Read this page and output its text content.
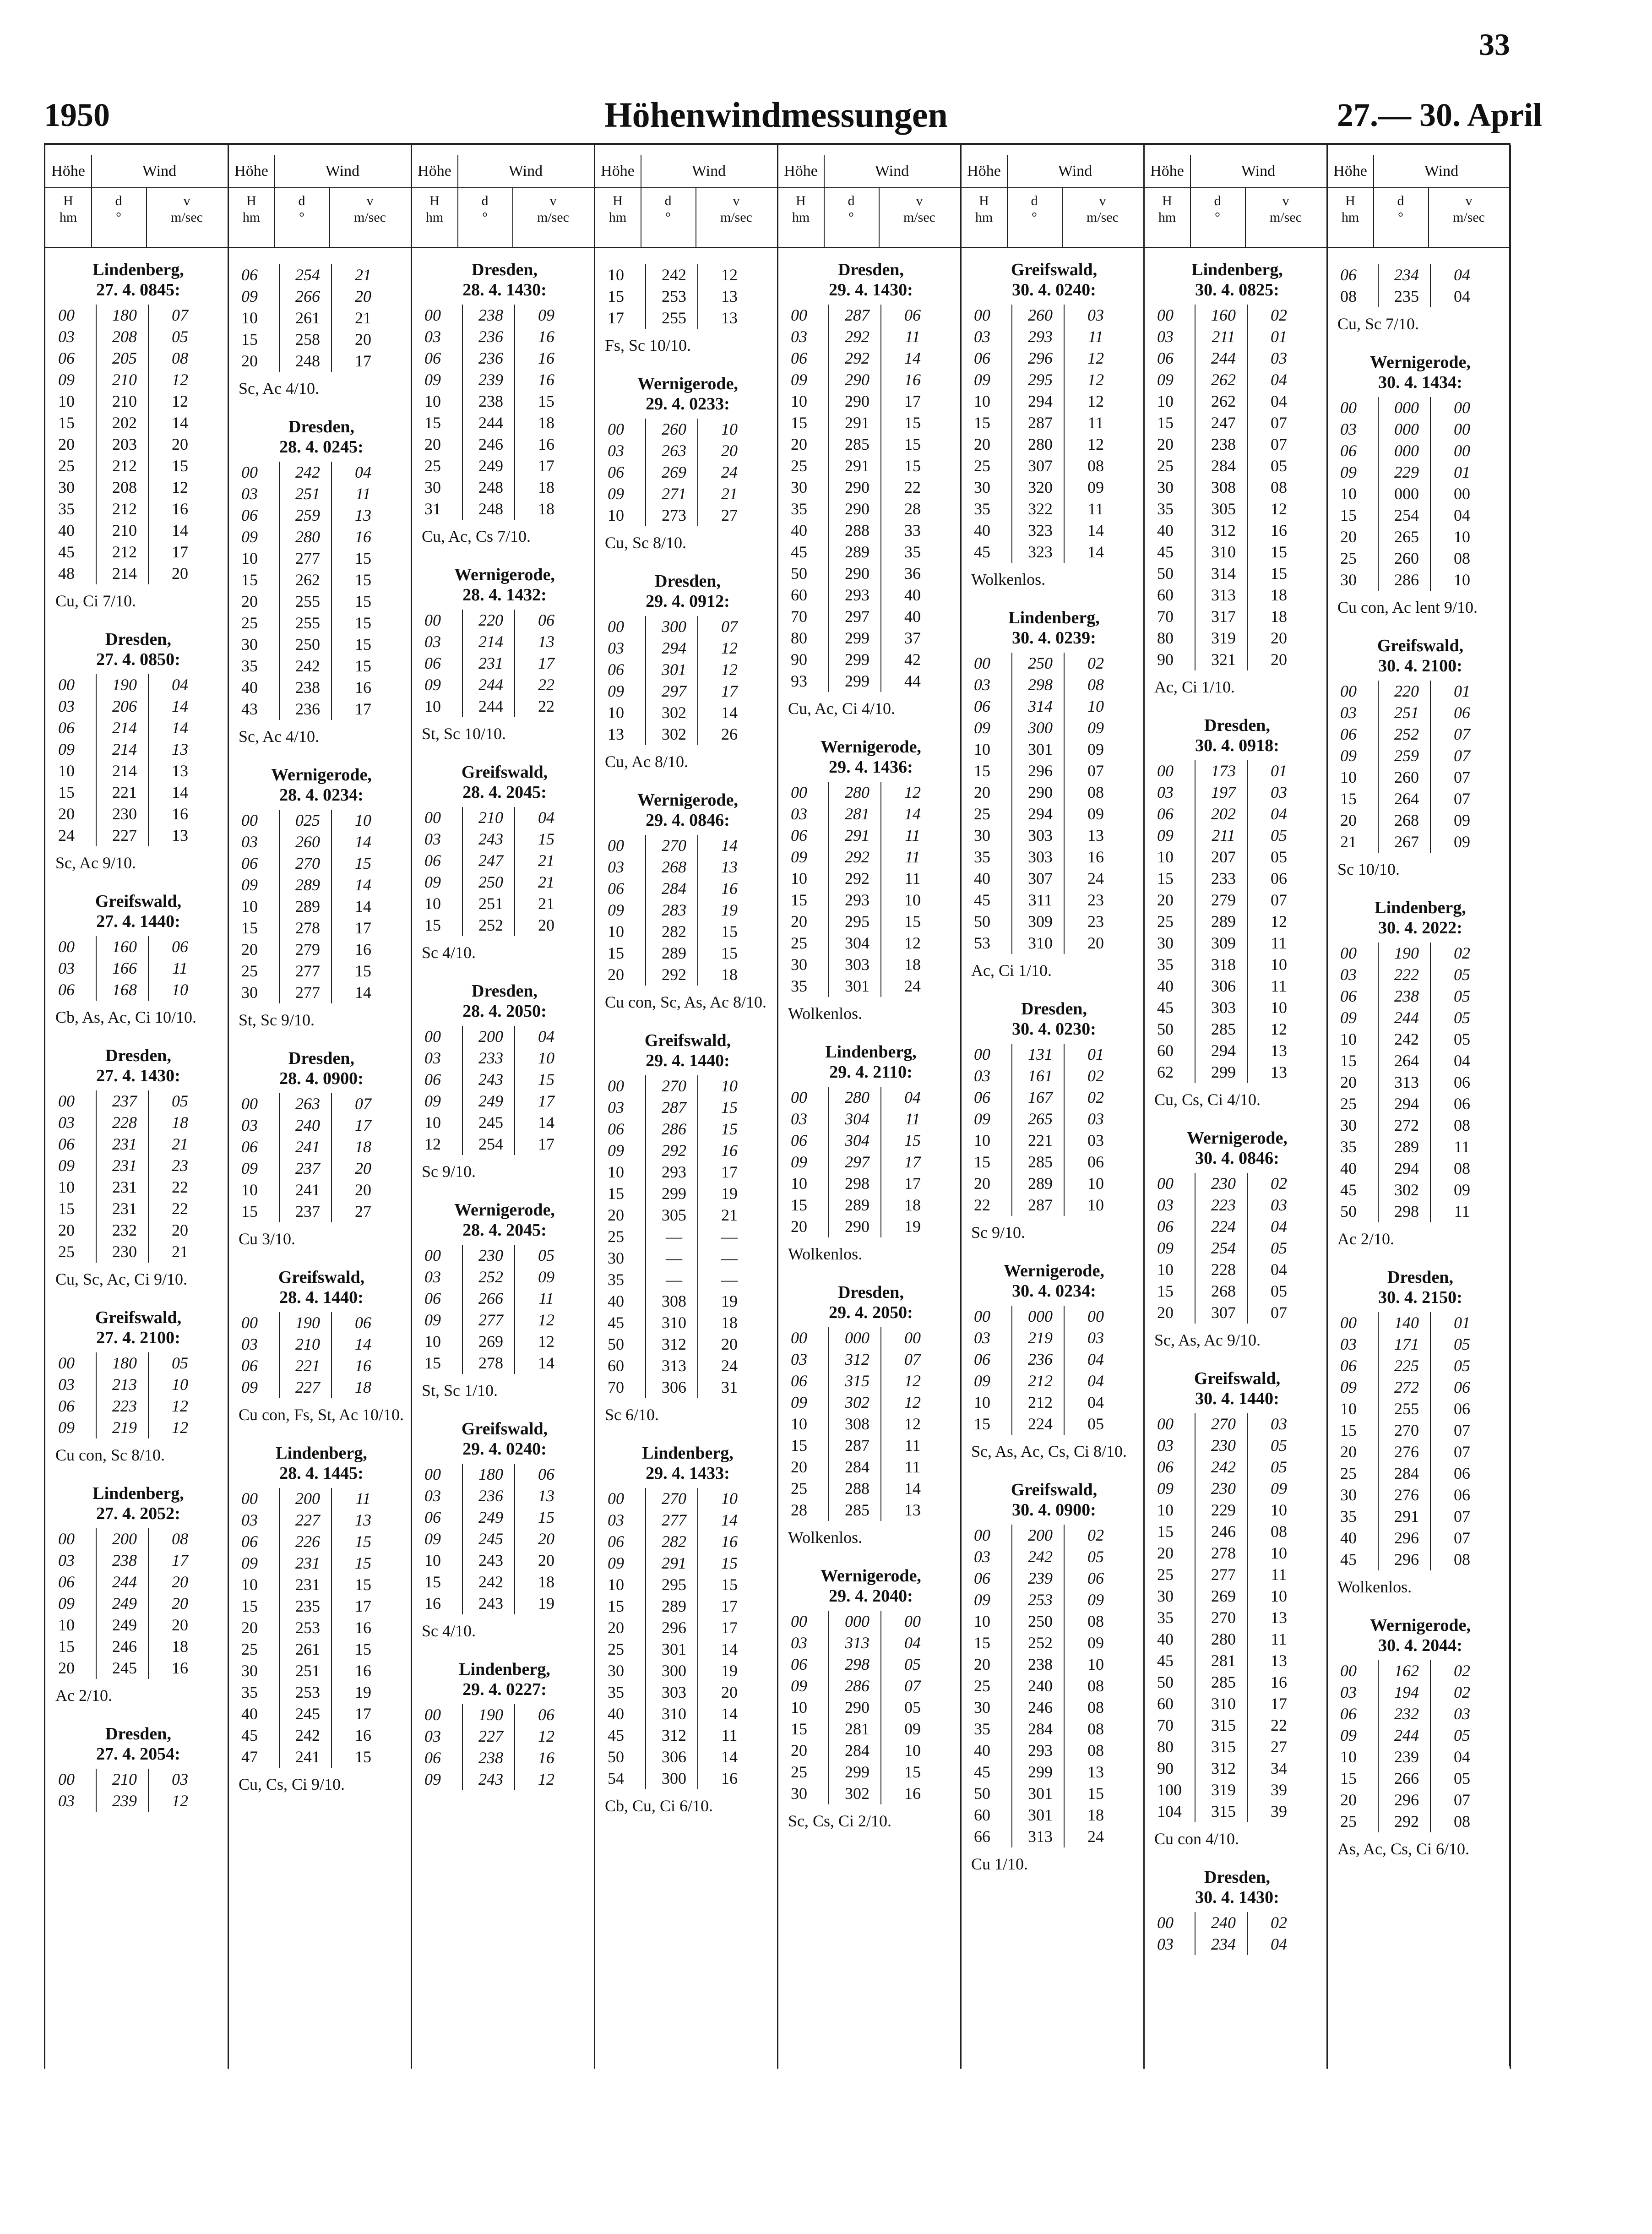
33
1950	Höhenwindmessungen	27.— 30. April
Höhe	Wind
H
hm
d
°
v
m/sec
Lindenberg,
27. 4. 0845:
00	180	07
03	208	05
06	205	08
09	210	12
10	210	12
15	202	14
20	203	20
25	212	15
30	208	12
35	212	16
40	210	14
45	212	17
48	214	20
Cu, Ci 7/10.
Dresden,
27. 4. 0850:
00	190	04
03	206	14
06	214	14
09	214	13
10	214	13
15	221	14
20	230	16
24	227	13
Sc, Ac 9/10.
Greifswald,
27. 4. 1440:
00	160	06
03	166	11
06	168	10
Cb, As, Ac, Ci 10/10.
Dresden,
27. 4. 1430:
00	237	05
03	228	18
06	231	21
09	231	23
10	231	22
15	231	22
20	232	20
25	230	21
Cu, Sc, Ac, Ci 9/10.
Greifswald,
27. 4. 2100:
00	180	05
03	213	10
06	223	12
09	219	12
Cu con, Sc 8/10.
Lindenberg,
27. 4. 2052:
00	200	08
03	238	17
06	244	20
09	249	20
10	249	20
15	246	18
20	245	16
Ac 2/10.
Dresden,
27. 4. 2054:
00	210	03
03	239	12
Höhe	Wind
H
hm
d
°
v
m/sec
06	254	21
09	266	20
10	261	21
15	258	20
20	248	17
Sc, Ac 4/10.
Dresden,
28. 4. 0245:
00	242	04
03	251	11
06	259	13
09	280	16
10	277	15
15	262	15
20	255	15
25	255	15
30	250	15
35	242	15
40	238	16
43	236	17
Sc, Ac 4/10.
Wernigerode,
28. 4. 0234:
00	025	10
03	260	14
06	270	15
09	289	14
10	289	14
15	278	17
20	279	16
25	277	15
30	277	14
St, Sc 9/10.
Dresden,
28. 4. 0900:
00	263	07
03	240	17
06	241	18
09	237	20
10	241	20
15	237	27
Cu 3/10.
Greifswald,
28. 4. 1440:
00	190	06
03	210	14
06	221	16
09	227	18
Cu con, Fs, St, Ac 10/10.
Lindenberg,
28. 4. 1445:
00	200	11
03	227	13
06	226	15
09	231	15
10	231	15
15	235	17
20	253	16
25	261	15
30	251	16
35	253	19
40	245	17
45	242	16
47	241	15
Cu, Cs, Ci 9/10.
Höhe	Wind
H
hm
d
°
v
m/sec
Dresden,
28. 4. 1430:
00	238	09
03	236	16
06	236	16
09	239	16
10	238	15
15	244	18
20	246	16
25	249	17
30	248	18
31	248	18
Cu, Ac, Cs 7/10.
Wernigerode,
28. 4. 1432:
00	220	06
03	214	13
06	231	17
09	244	22
10	244	22
St, Sc 10/10.
Greifswald,
28. 4. 2045:
00	210	04
03	243	15
06	247	21
09	250	21
10	251	21
15	252	20
Sc 4/10.
Dresden,
28. 4. 2050:
00	200	04
03	233	10
06	243	15
09	249	17
10	245	14
12	254	17
Sc 9/10.
Wernigerode,
28. 4. 2045:
00	230	05
03	252	09
06	266	11
09	277	12
10	269	12
15	278	14
St, Sc 1/10.
Greifswald,
29. 4. 0240:
00	180	06
03	236	13
06	249	15
09	245	20
10	243	20
15	242	18
16	243	19
Sc 4/10.
Lindenberg,
29. 4. 0227:
00	190	06
03	227	12
06	238	16
09	243	12
Höhe	Wind
H
hm
d
°
v
m/sec
10	242	12
15	253	13
17	255	13
Fs, Sc 10/10.
Wernigerode,
29. 4. 0233:
00	260	10
03	263	20
06	269	24
09	271	21
10	273	27
Cu, Sc 8/10.
Dresden,
29. 4. 0912:
00	300	07
03	294	12
06	301	12
09	297	17
10	302	14
13	302	26
Cu, Ac 8/10.
Wernigerode,
29. 4. 0846:
00	270	14
03	268	13
06	284	16
09	283	19
10	282	15
15	289	15
20	292	18
Cu con, Sc, As, Ac 8/10.
Greifswald,
29. 4. 1440:
00	270	10
03	287	15
06	286	15
09	292	16
10	293	17
15	299	19
20	305	21
25	—	—
30	—	—
35	—	—
40	308	19
45	310	18
50	312	20
60	313	24
70	306	31
Sc 6/10.
Lindenberg,
29. 4. 1433:
00	270	10
03	277	14
06	282	16
09	291	15
10	295	15
15	289	17
20	296	17
25	301	14
30	300	19
35	303	20
40	310	14
45	312	11
50	306	14
54	300	16
Cb, Cu, Ci 6/10.
Höhe	Wind
H
hm
d
°
v
m/sec
Dresden,
29. 4. 1430:
00	287	06
03	292	11
06	292	14
09	290	16
10	290	17
15	291	15
20	285	15
25	291	15
30	290	22
35	290	28
40	288	33
45	289	35
50	290	36
60	293	40
70	297	40
80	299	37
90	299	42
93	299	44
Cu, Ac, Ci 4/10.
Wernigerode,
29. 4. 1436:
00	280	12
03	281	14
06	291	11
09	292	11
10	292	11
15	293	10
20	295	15
25	304	12
30	303	18
35	301	24
Wolkenlos.
Lindenberg,
29. 4. 2110:
00	280	04
03	304	11
06	304	15
09	297	17
10	298	17
15	289	18
20	290	19
Wolkenlos.
Dresden,
29. 4. 2050:
00	000	00
03	312	07
06	315	12
09	302	12
10	308	12
15	287	11
20	284	11
25	288	14
28	285	13
Wolkenlos.
Wernigerode,
29. 4. 2040:
00	000	00
03	313	04
06	298	05
09	286	07
10	290	05
15	281	09
20	284	10
25	299	15
30	302	16
Sc, Cs, Ci 2/10.
Höhe	Wind
H
hm
d
°
v
m/sec
Greifswald,
30. 4. 0240:
00	260	03
03	293	11
06	296	12
09	295	12
10	294	12
15	287	11
20	280	12
25	307	08
30	320	09
35	322	11
40	323	14
45	323	14
Wolkenlos.
Lindenberg,
30. 4. 0239:
00	250	02
03	298	08
06	314	10
09	300	09
10	301	09
15	296	07
20	290	08
25	294	09
30	303	13
35	303	16
40	307	24
45	311	23
50	309	23
53	310	20
Ac, Ci 1/10.
Dresden,
30. 4. 0230:
00	131	01
03	161	02
06	167	02
09	265	03
10	221	03
15	285	06
20	289	10
22	287	10
Sc 9/10.
Wernigerode,
30. 4. 0234:
00	000	00
03	219	03
06	236	04
09	212	04
10	212	04
15	224	05
Sc, As, Ac, Cs, Ci 8/10.
Greifswald,
30. 4. 0900:
00	200	02
03	242	05
06	239	06
09	253	09
10	250	08
15	252	09
20	238	10
25	240	08
30	246	08
35	284	08
40	293	08
45	299	13
50	301	15
60	301	18
66	313	24
Cu 1/10.
Höhe	Wind
H
hm
d
°
v
m/sec
Lindenberg,
30. 4. 0825:
00	160	02
03	211	01
06	244	03
09	262	04
10	262	04
15	247	07
20	238	07
25	284	05
30	308	08
35	305	12
40	312	16
45	310	15
50	314	15
60	313	18
70	317	18
80	319	20
90	321	20
Ac, Ci 1/10.
Dresden,
30. 4. 0918:
00	173	01
03	197	03
06	202	04
09	211	05
10	207	05
15	233	06
20	279	07
25	289	12
30	309	11
35	318	10
40	306	11
45	303	10
50	285	12
60	294	13
62	299	13
Cu, Cs, Ci 4/10.
Wernigerode,
30. 4. 0846:
00	230	02
03	223	03
06	224	04
09	254	05
10	228	04
15	268	05
20	307	07
Sc, As, Ac 9/10.
Greifswald,
30. 4. 1440:
00	270	03
03	230	05
06	242	05
09	230	09
10	229	10
15	246	08
20	278	10
25	277	11
30	269	10
35	270	13
40	280	11
45	281	13
50	285	16
60	310	17
70	315	22
80	315	27
90	312	34
100	319	39
104	315	39
Cu con 4/10.
Dresden,
30. 4. 1430:
00	240	02
03	234	04
Höhe	Wind
H
hm
d
°
v
m/sec
06	234	04
08	235	04
Cu, Sc 7/10.
Wernigerode,
30. 4. 1434:
00	000	00
03	000	00
06	000	00
09	229	01
10	000	00
15	254	04
20	265	10
25	260	08
30	286	10
Cu con, Ac lent 9/10.
Greifswald,
30. 4. 2100:
00	220	01
03	251	06
06	252	07
09	259	07
10	260	07
15	264	07
20	268	09
21	267	09
Sc 10/10.
Lindenberg,
30. 4. 2022:
00	190	02
03	222	05
06	238	05
09	244	05
10	242	05
15	264	04
20	313	06
25	294	06
30	272	08
35	289	11
40	294	08
45	302	09
50	298	11
Ac 2/10.
Dresden,
30. 4. 2150:
00	140	01
03	171	05
06	225	05
09	272	06
10	255	06
15	270	07
20	276	07
25	284	06
30	276	06
35	291	07
40	296	07
45	296	08
Wolkenlos.
Wernigerode,
30. 4. 2044:
00	162	02
03	194	02
06	232	03
09	244	05
10	239	04
15	266	05
20	296	07
25	292	08
As, Ac, Cs, Ci 6/10.
